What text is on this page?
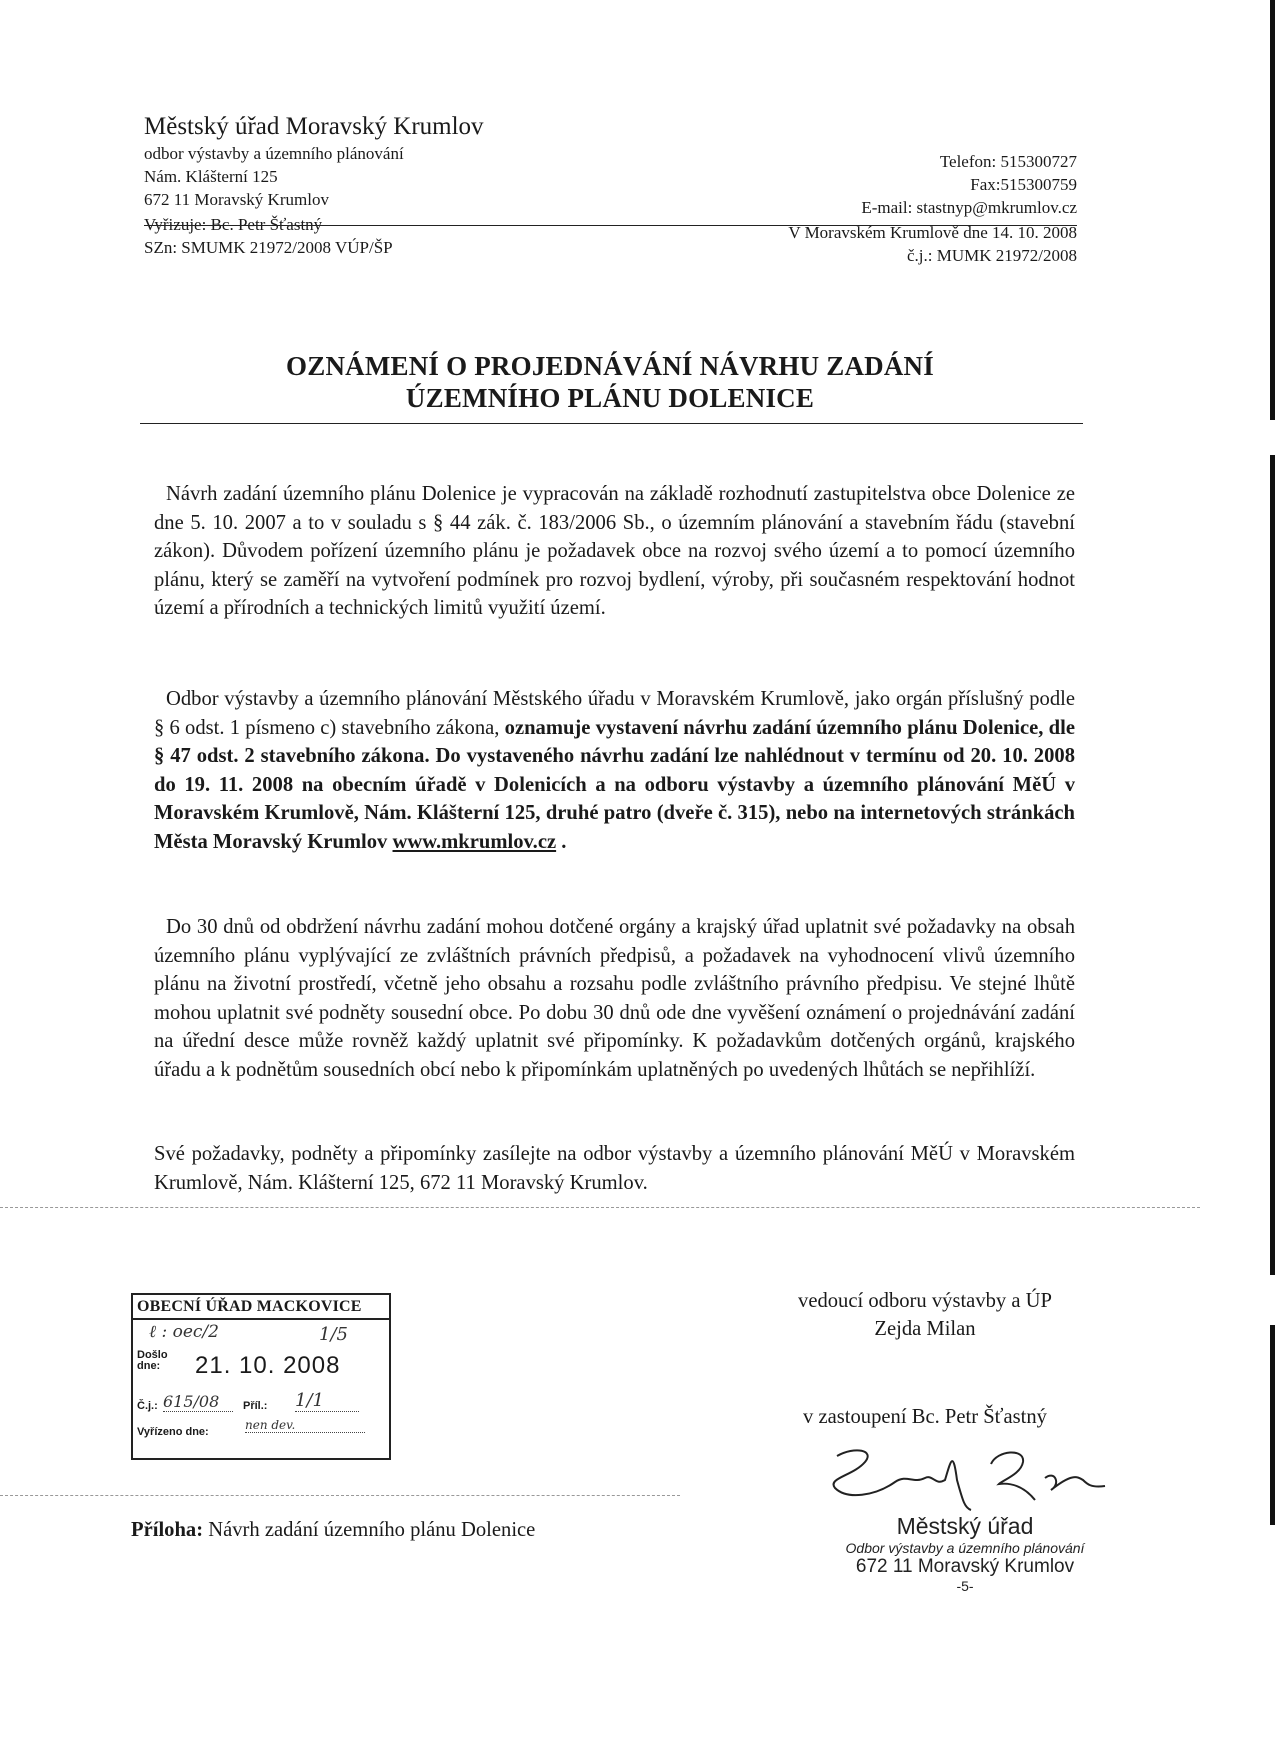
Městský úřad Moravský Krumlov

odbor výstavby a územního plánování

Nám. Klášterní 125

672 11 Moravský Krumlov

Vyřizuje: Bc. Petr Šťastný

SZn: SMUMK 21972/2008 VÚP/ŠP

Telefon: 515300727

Fax:515300759

E-mail: stastnyp@mkrumlov.cz

V Moravském Krumlově dne 14. 10. 2008

č.j.: MUMK 21972/2008

OZNÁMENÍ O PROJEDNÁVÁNÍ NÁVRHU ZADÁNÍ

ÚZEMNÍHO PLÁNU DOLENICE

Návrh zadání územního plánu Dolenice je vypracován na základě rozhodnutí zastupitelstva obce Dolenice ze dne 5. 10. 2007 a to v souladu s § 44 zák. č. 183/2006 Sb., o územním plánování a stavebním řádu (stavební zákon). Důvodem pořízení územního plánu je požadavek obce na rozvoj svého území a to pomocí územního plánu, který se zaměří na vytvoření podmínek pro rozvoj bydlení, výroby, při současném respektování hodnot území a přírodních a technických limitů využití území.

Odbor výstavby a územního plánování Městského úřadu v Moravském Krumlově, jako orgán příslušný podle § 6 odst. 1 písmeno c) stavebního zákona, oznamuje vystavení návrhu zadání územního plánu Dolenice, dle § 47 odst. 2 stavebního zákona. Do vystaveného návrhu zadání lze nahlédnout v termínu od 20. 10. 2008 do 19. 11. 2008 na obecním úřadě v Dolenicích a na odboru výstavby a územního plánování MěÚ v Moravském Krumlově, Nám. Klášterní 125, druhé patro (dveře č. 315), nebo na internetových stránkách Města Moravský Krumlov www.mkrumlov.cz .

Do 30 dnů od obdržení návrhu zadání mohou dotčené orgány a krajský úřad uplatnit své požadavky na obsah územního plánu vyplývající ze zvláštních právních předpisů, a požadavek na vyhodnocení vlivů územního plánu na životní prostředí, včetně jeho obsahu a rozsahu podle zvláštního právního předpisu. Ve stejné lhůtě mohou uplatnit své podněty sousední obce. Po dobu 30 dnů ode dne vyvěšení oznámení o projednávání zadání na úřední desce může rovněž každý uplatnit své připomínky. K požadavkům dotčených orgánů, krajského úřadu a k podnětům sousedních obcí nebo k připomínkám uplatněných po uvedených lhůtách se nepřihlíží.

Své požadavky, podněty a připomínky zasílejte na odbor výstavby a územního plánování MěÚ v Moravském Krumlově, Nám. Klášterní 125, 672 11 Moravský Krumlov.

OBECNÍ ÚŘAD MACKOVICE
ℓ : oec/2	1/5
Došlo
dne:	21. 10. 2008
Č.j.: 615/08	Příl.: 1/1
Vyřízeno dne:	nen dev.
vedoucí odboru výstavby a ÚP
Zejda Milan
v zastoupení Bc. Petr Šťastný
Městský úřad
Odbor výstavby a územního plánování
672 11 Moravský Krumlov
-5-
Příloha: Návrh zadání územního plánu Dolenice
